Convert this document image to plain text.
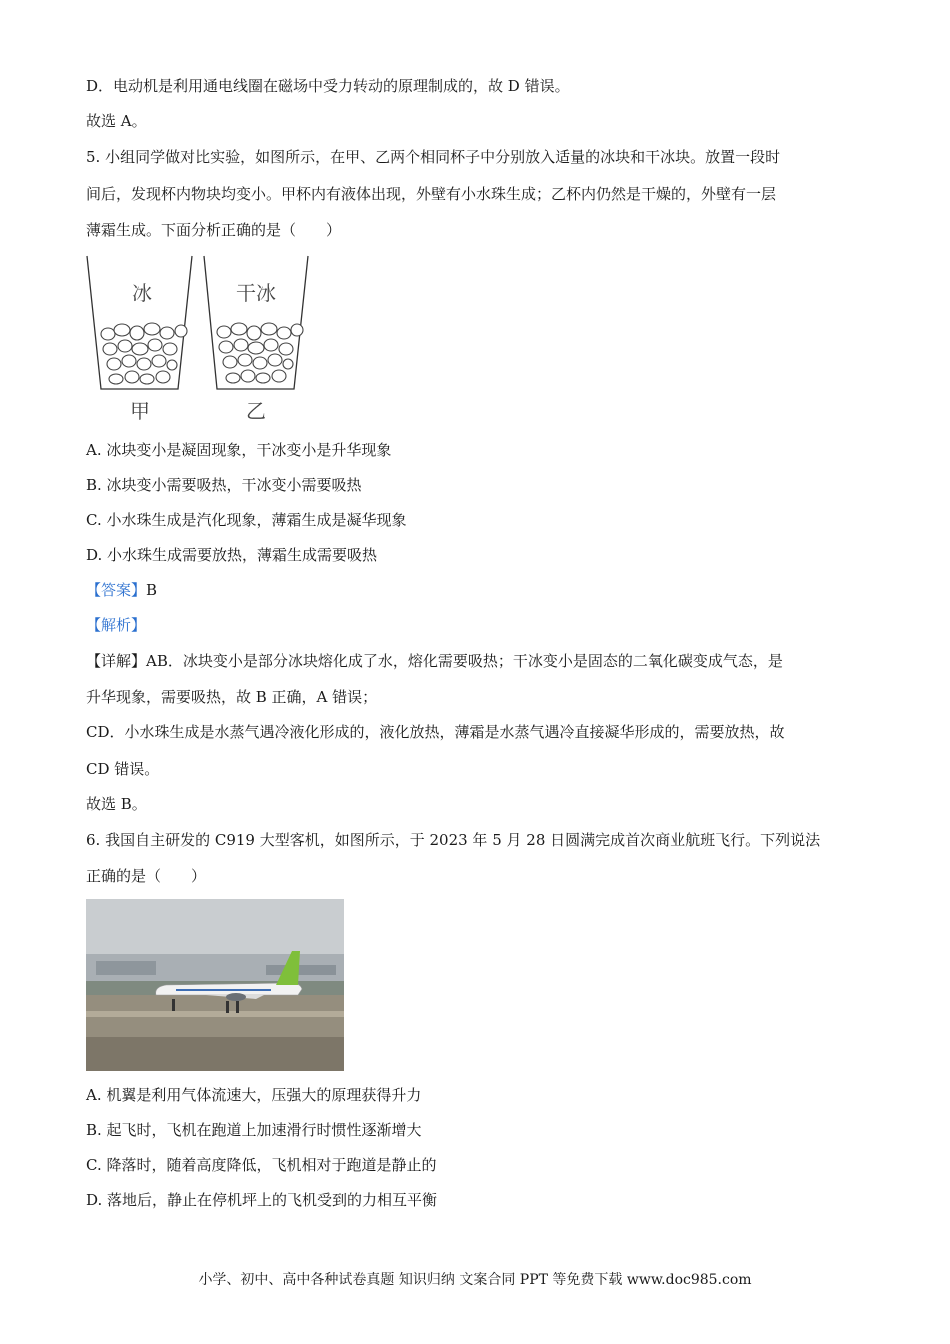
D．电动机是利用通电线圈在磁场中受力转动的原理制成的，故 D 错误。
故选 A。
5. 小组同学做对比实验，如图所示，在甲、乙两个相同杯子中分别放入适量的冰块和干冰块。放置一段时
间后，发现杯内物块均变小。甲杯内有液体出现，外壁有小水珠生成；乙杯内仍然是干燥的，外壁有一层
薄霜生成。下面分析正确的是（　　）
冰	干冰
甲	乙
A. 冰块变小是凝固现象，干冰变小是升华现象
B. 冰块变小需要吸热，干冰变小需要吸热
C. 小水珠生成是汽化现象，薄霜生成是凝华现象
D. 小水珠生成需要放热，薄霜生成需要吸热
【答案】B
【解析】
【详解】AB．冰块变小是部分冰块熔化成了水，熔化需要吸热；干冰变小是固态的二氧化碳变成气态，是
升华现象，需要吸热，故 B 正确，A 错误；
CD．小水珠生成是水蒸气遇冷液化形成的，液化放热，薄霜是水蒸气遇冷直接凝华形成的，需要放热，故
CD 错误。
故选 B。
6. 我国自主研发的 C919 大型客机，如图所示，于 2023 年 5 月 28 日圆满完成首次商业航班飞行。下列说法
正确的是（　　）
A. 机翼是利用气体流速大，压强大的原理获得升力
B. 起飞时，飞机在跑道上加速滑行时惯性逐渐增大
C. 降落时，随着高度降低，飞机相对于跑道是静止的
D. 落地后，静止在停机坪上的飞机受到的力相互平衡
小学、初中、高中各种试卷真题 知识归纳 文案合同 PPT 等免费下载 www.doc985.com
